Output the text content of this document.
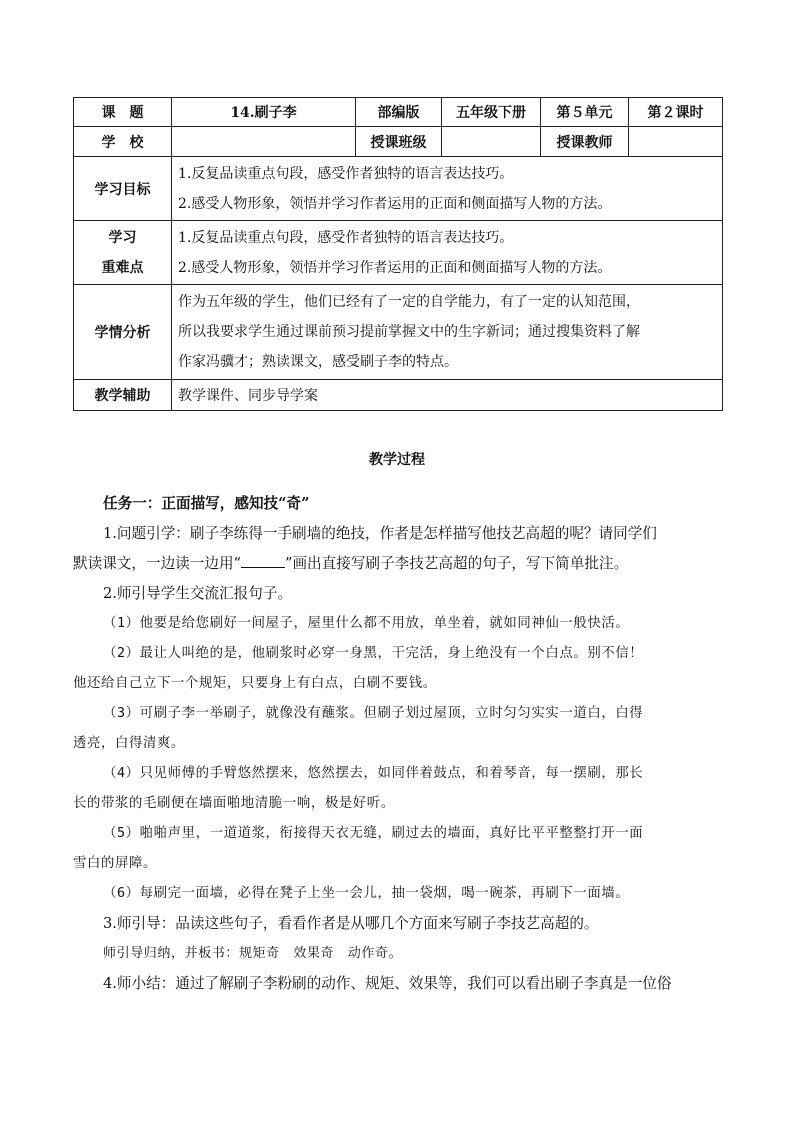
课　题	14.刷子李	部编版	五年级下册	第５单元	第２课时
学　校		授课班级		授课教师	
学习目标	1.反复品读重点句段，感受作者独特的语言表达技巧。
2.感受人物形象，领悟并学习作者运用的正面和侧面描写人物的方法。				

学习
重难点	1.反复品读重点句段，感受作者独特的语言表达技巧。
2.感受人物形象，领悟并学习作者运用的正面和侧面描写人物的方法。				

学情分析	作为五年级的学生，他们已经有了一定的自学能力，有了一定的认知范围，
所以我要求学生通过课前预习提前掌握文中的生字新词；通过搜集资料了解
作家冯骥才；熟读课文，感受刷子李的特点。				

教学辅助	教学课件、同步导学案				
教学过程

任务一：正面描写，感知技“奇”

1.问题引学：刷子李练得一手刷墙的绝技，作者是怎样描写他技艺高超的呢？请同学们

默读课文，一边读一边用“	”画出直接写刷子李技艺高超的句子，写下简单批注。

2.师引导学生交流汇报句子。

（1）他要是给您刷好一间屋子，屋里什么都不用放，单坐着，就如同神仙一般快活。

（2）最让人叫绝的是，他刷浆时必穿一身黑，干完活，身上绝没有一个白点。别不信！

他还给自己立下一个规矩，只要身上有白点，白刷不要钱。

（3）可刷子李一举刷子，就像没有蘸浆。但刷子划过屋顶，立时匀匀实实一道白，白得

透亮，白得清爽。

（4）只见师傅的手臂悠然摆来，悠然摆去，如同伴着鼓点，和着琴音，每一摆刷，那长

长的带浆的毛刷便在墙面啪地清脆一响，极是好听。

（5）啪啪声里，一道道浆，衔接得天衣无缝，刷过去的墙面，真好比平平整整打开一面

雪白的屏障。

（6）每刷完一面墙，必得在凳子上坐一会儿，抽一袋烟，喝一碗茶，再刷下一面墙。

3.师引导：品读这些句子，看看作者是从哪几个方面来写刷子李技艺高超的。

师引导归纳，并板书：规矩奇　效果奇　动作奇。

4.师小结：通过了解刷子李粉刷的动作、规矩、效果等，我们可以看出刷子李真是一位俗
